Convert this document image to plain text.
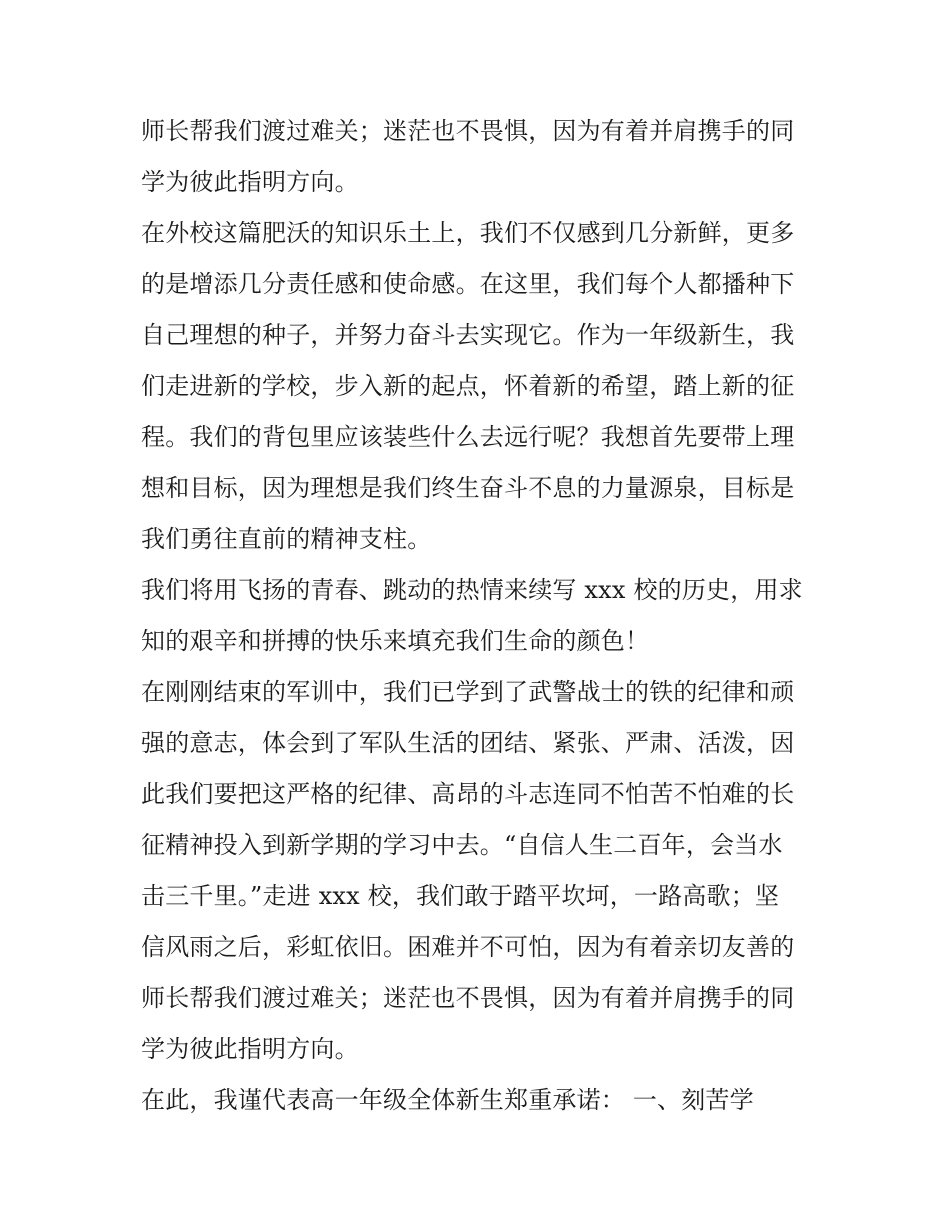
师长帮我们渡过难关；迷茫也不畏惧，因为有着并肩携手的同
学为彼此指明方向。
在外校这篇肥沃的知识乐土上，我们不仅感到几分新鲜，更多
的是增添几分责任感和使命感。在这里，我们每个人都播种下
自己理想的种子，并努力奋斗去实现它。作为一年级新生，我
们走进新的学校，步入新的起点，怀着新的希望，踏上新的征
程。我们的背包里应该装些什么去远行呢？我想首先要带上理
想和目标，因为理想是我们终生奋斗不息的力量源泉，目标是
我们勇往直前的精神支柱。
我们将用飞扬的青春、跳动的热情来续写 xxx 校的历史，用求
知的艰辛和拼搏的快乐来填充我们生命的颜色！
在刚刚结束的军训中，我们已学到了武警战士的铁的纪律和顽
强的意志，体会到了军队生活的团结、紧张、严肃、活泼，因
此我们要把这严格的纪律、高昂的斗志连同不怕苦不怕难的长
征精神投入到新学期的学习中去。“自信人生二百年，会当水
击三千里。”走进 xxx 校，我们敢于踏平坎坷，一路高歌；坚
信风雨之后，彩虹依旧。困难并不可怕，因为有着亲切友善的
师长帮我们渡过难关；迷茫也不畏惧，因为有着并肩携手的同
学为彼此指明方向。
在此，我谨代表高一年级全体新生郑重承诺： 一、刻苦学
